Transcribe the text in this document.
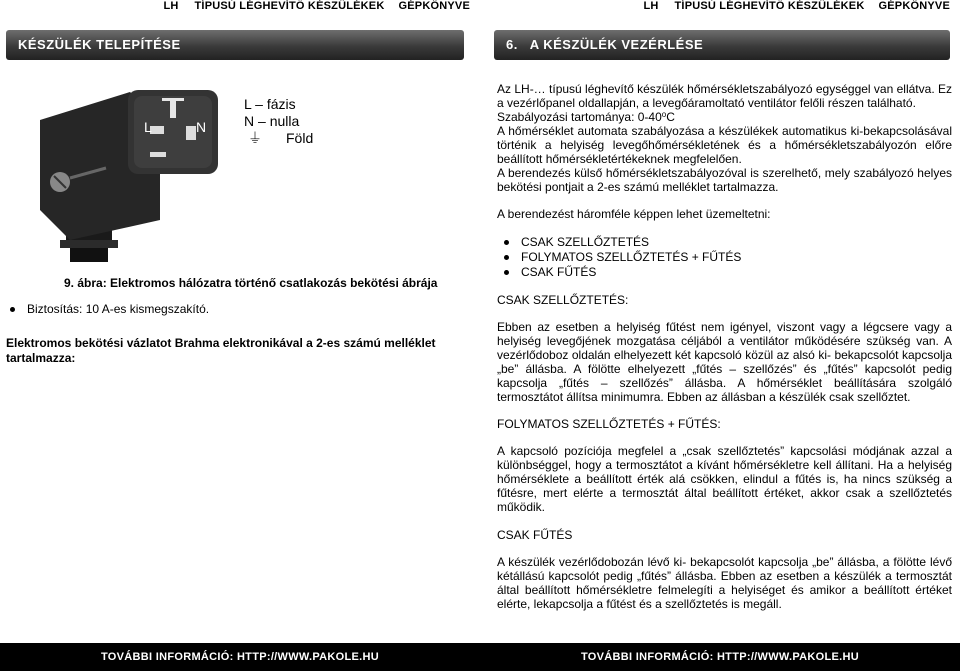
LH TÍPUSÚ LÉGHEVÍTŐ KÉSZÜLÉKEK GÉPKÖNYVE
KÉSZÜLÉK TELEPÍTÉSE
L	N
L – fázis
N – nulla
⏚ Föld
9. ábra: Elektromos hálózatra történő csatlakozás bekötési ábrája
Biztosítás: 10 A-es kismegszakító.
Elektromos bekötési vázlatot Brahma elektronikával a 2-es számú melléklet tartalmazza:
TOVÁBBI INFORMÁCIÓ: HTTP://WWW.PAKOLE.HU
LH TÍPUSÚ LÉGHEVÍTŐ KÉSZÜLÉKEK GÉPKÖNYVE
6.   A KÉSZÜLÉK VEZÉRLÉSE
Az LH-… típusú léghevítő készülék hőmérsékletszabályozó egységgel van ellátva. Ez a vezérlőpanel oldallapján, a levegőáramoltató ventilátor felőli részen található.
Szabályozási tartománya: 0-40$^o$C
A hőmérséklet automata szabályozása a készülékek automatikus ki-bekapcsolásával történik a helyiség levegőhőmérsékletének és a hőmérsékletszabályozón előre beállított hőmérsékletértékeknek megfelelően.
A berendezés külső hőmérsékletszabályozóval is szerelhető, mely szabályozó helyes bekötési pontjait a 2-es számú melléklet tartalmazza.
A berendezést háromféle képpen lehet üzemeltetni:
CSAK SZELLŐZTETÉS
FOLYMATOS SZELLŐZTETÉS + FŰTÉS
CSAK FŰTÉS
CSAK SZELLŐZTETÉS:
Ebben az esetben a helyiség fűtést nem igényel, viszont vagy a légcsere vagy a helyiség levegőjének mozgatása céljából a ventilátor működésére szükség van. A vezérlődoboz oldalán elhelyezett két kapcsoló közül az alsó ki- bekapcsolót kapcsolja „be” állásba. A fölötte elhelyezett „fűtés – szellőzés” és „fűtés” kapcsolót pedig kapcsolja „fűtés – szellőzés” állásba. A hőmérséklet beállítására szolgáló termosztátot állítsa minimumra. Ebben az állásban a készülék csak szellőztet.
FOLYMATOS SZELLŐZTETÉS + FŰTÉS:
A kapcsoló pozíciója megfelel a „csak szellőztetés” kapcsolási módjának azzal a különbséggel, hogy a termosztátot a kívánt hőmérsékletre kell állítani. Ha a helyiség hőmérséklete a beállított érték alá csökken, elindul a fűtés is, ha nincs szükség a fűtésre, mert elérte a termosztát által beállított értéket, akkor csak a szellőztetés működik.
CSAK FŰTÉS
A készülék vezérlődobozán lévő ki- bekapcsolót kapcsolja „be” állásba, a fölötte lévő kétállású kapcsolót pedig „fűtés” állásba. Ebben az esetben a készülék a termosztát által beállított hőmérsékletre felmelegíti a helyiséget és amikor a beállított értéket elérte, lekapcsolja a fűtést és a szellőztetés is megáll.
TOVÁBBI INFORMÁCIÓ: HTTP://WWW.PAKOLE.HU
